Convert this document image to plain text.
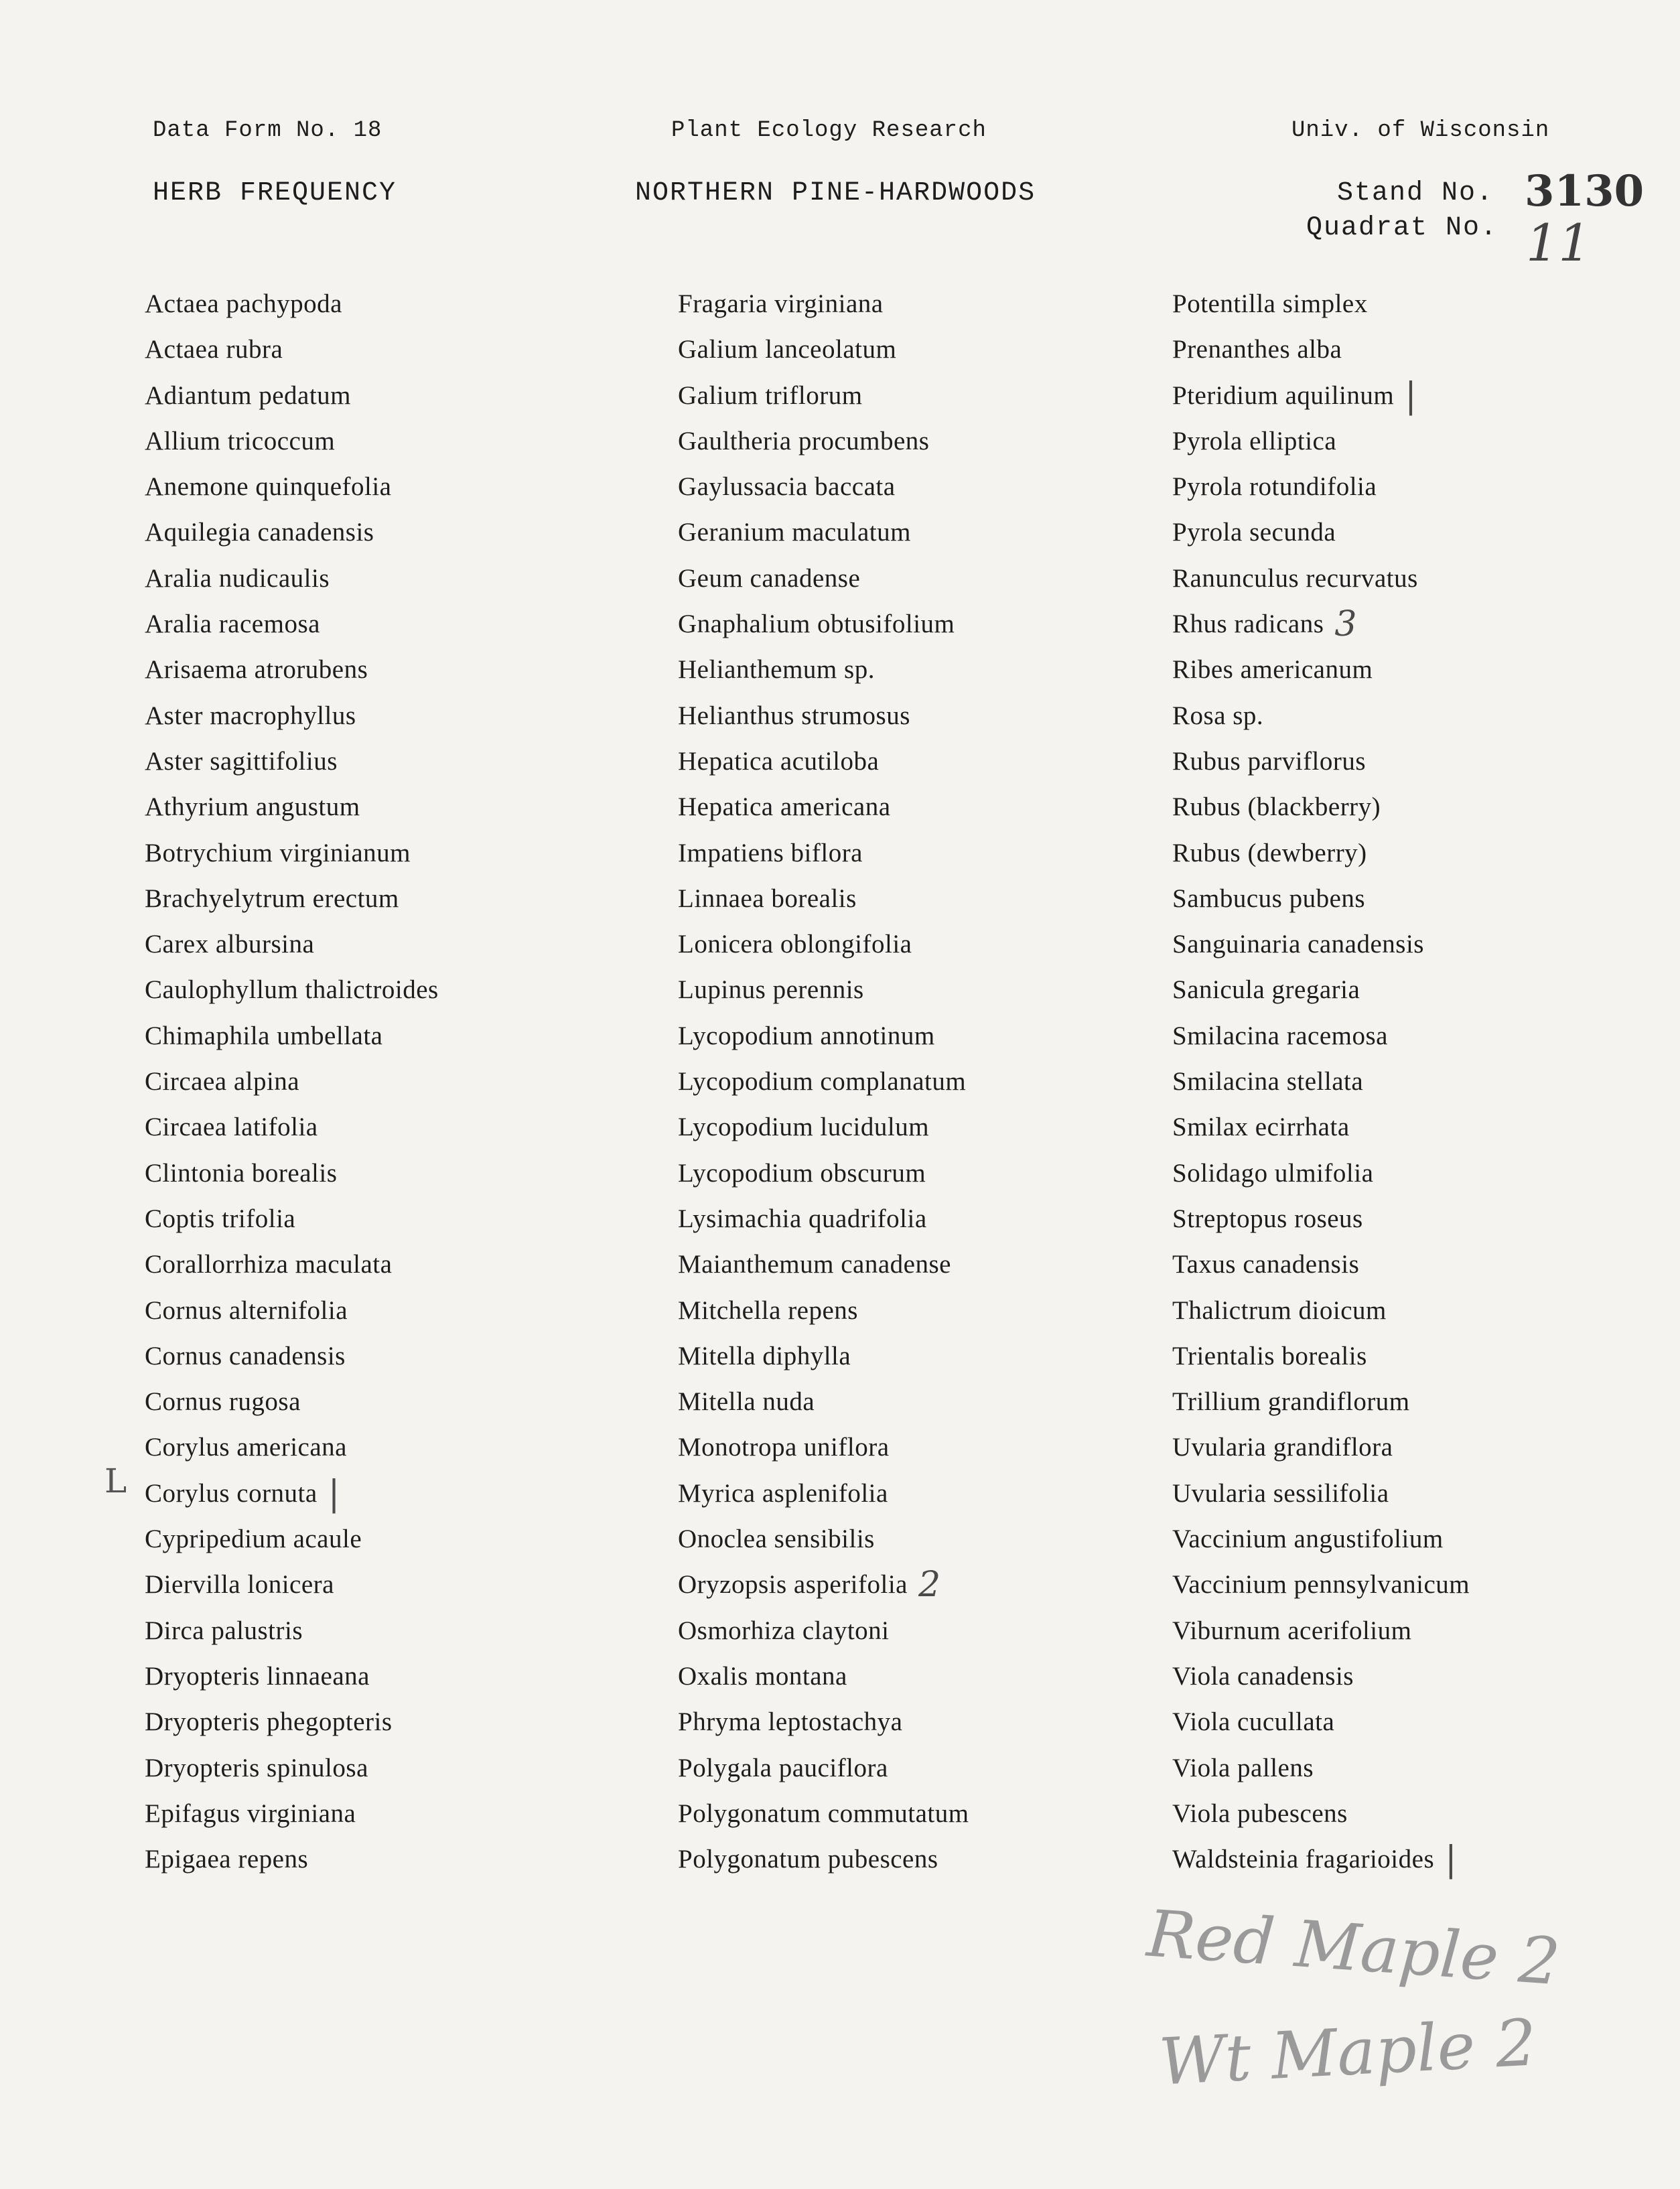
Data Form No. 18	Plant Ecology Research	Univ. of Wisconsin
HERB FREQUENCY	NORTHERN PINE-HARDWOODS	Stand No. 3130
Quadrat No. 11
Actaea pachypoda
Actaea rubra
Adiantum pedatum
Allium tricoccum
Anemone quinquefolia
Aquilegia canadensis
Aralia nudicaulis
Aralia racemosa
Arisaema atrorubens
Aster macrophyllus
Aster sagittifolius
Athyrium angustum
Botrychium virginianum
Brachyelytrum erectum
Carex albursina
Caulophyllum thalictroides
Chimaphila umbellata
Circaea alpina
Circaea latifolia
Clintonia borealis
Coptis trifolia
Corallorrhiza maculata
Cornus alternifolia
Cornus canadensis
Cornus rugosa
Corylus americana
Corylus cornuta |
Cypripedium acaule
Diervilla lonicera
Dirca palustris
Dryopteris linnaeana
Dryopteris phegopteris
Dryopteris spinulosa
Epifagus virginiana
Epigaea repens
Fragaria virginiana
Galium lanceolatum
Galium triflorum
Gaultheria procumbens
Gaylussacia baccata
Geranium maculatum
Geum canadense
Gnaphalium obtusifolium
Helianthemum sp.
Helianthus strumosus
Hepatica acutiloba
Hepatica americana
Impatiens biflora
Linnaea borealis
Lonicera oblongifolia
Lupinus perennis
Lycopodium annotinum
Lycopodium complanatum
Lycopodium lucidulum
Lycopodium obscurum
Lysimachia quadrifolia
Maianthemum canadense
Mitchella repens
Mitella diphylla
Mitella nuda
Monotropa uniflora
Myrica asplenifolia
Onoclea sensibilis
Oryzopsis asperifolia 2
Osmorhiza claytoni
Oxalis montana
Phryma leptostachya
Polygala pauciflora
Polygonatum commutatum
Polygonatum pubescens
Potentilla simplex
Prenanthes alba
Pteridium aquilinum |
Pyrola elliptica
Pyrola rotundifolia
Pyrola secunda
Ranunculus recurvatus
Rhus radicans 3
Ribes americanum
Rosa sp.
Rubus parviflorus
Rubus (blackberry)
Rubus (dewberry)
Sambucus pubens
Sanguinaria canadensis
Sanicula gregaria
Smilacina racemosa
Smilacina stellata
Smilax ecirrhata
Solidago ulmifolia
Streptopus roseus
Taxus canadensis
Thalictrum dioicum
Trientalis borealis
Trillium grandiflorum
Uvularia grandiflora
Uvularia sessilifolia
Vaccinium angustifolium
Vaccinium pennsylvanicum
Viburnum acerifolium
Viola canadensis
Viola cucullata
Viola pallens
Viola pubescens
Waldsteinia fragarioides |
L
Red Maple 2
Wt Maple 2
